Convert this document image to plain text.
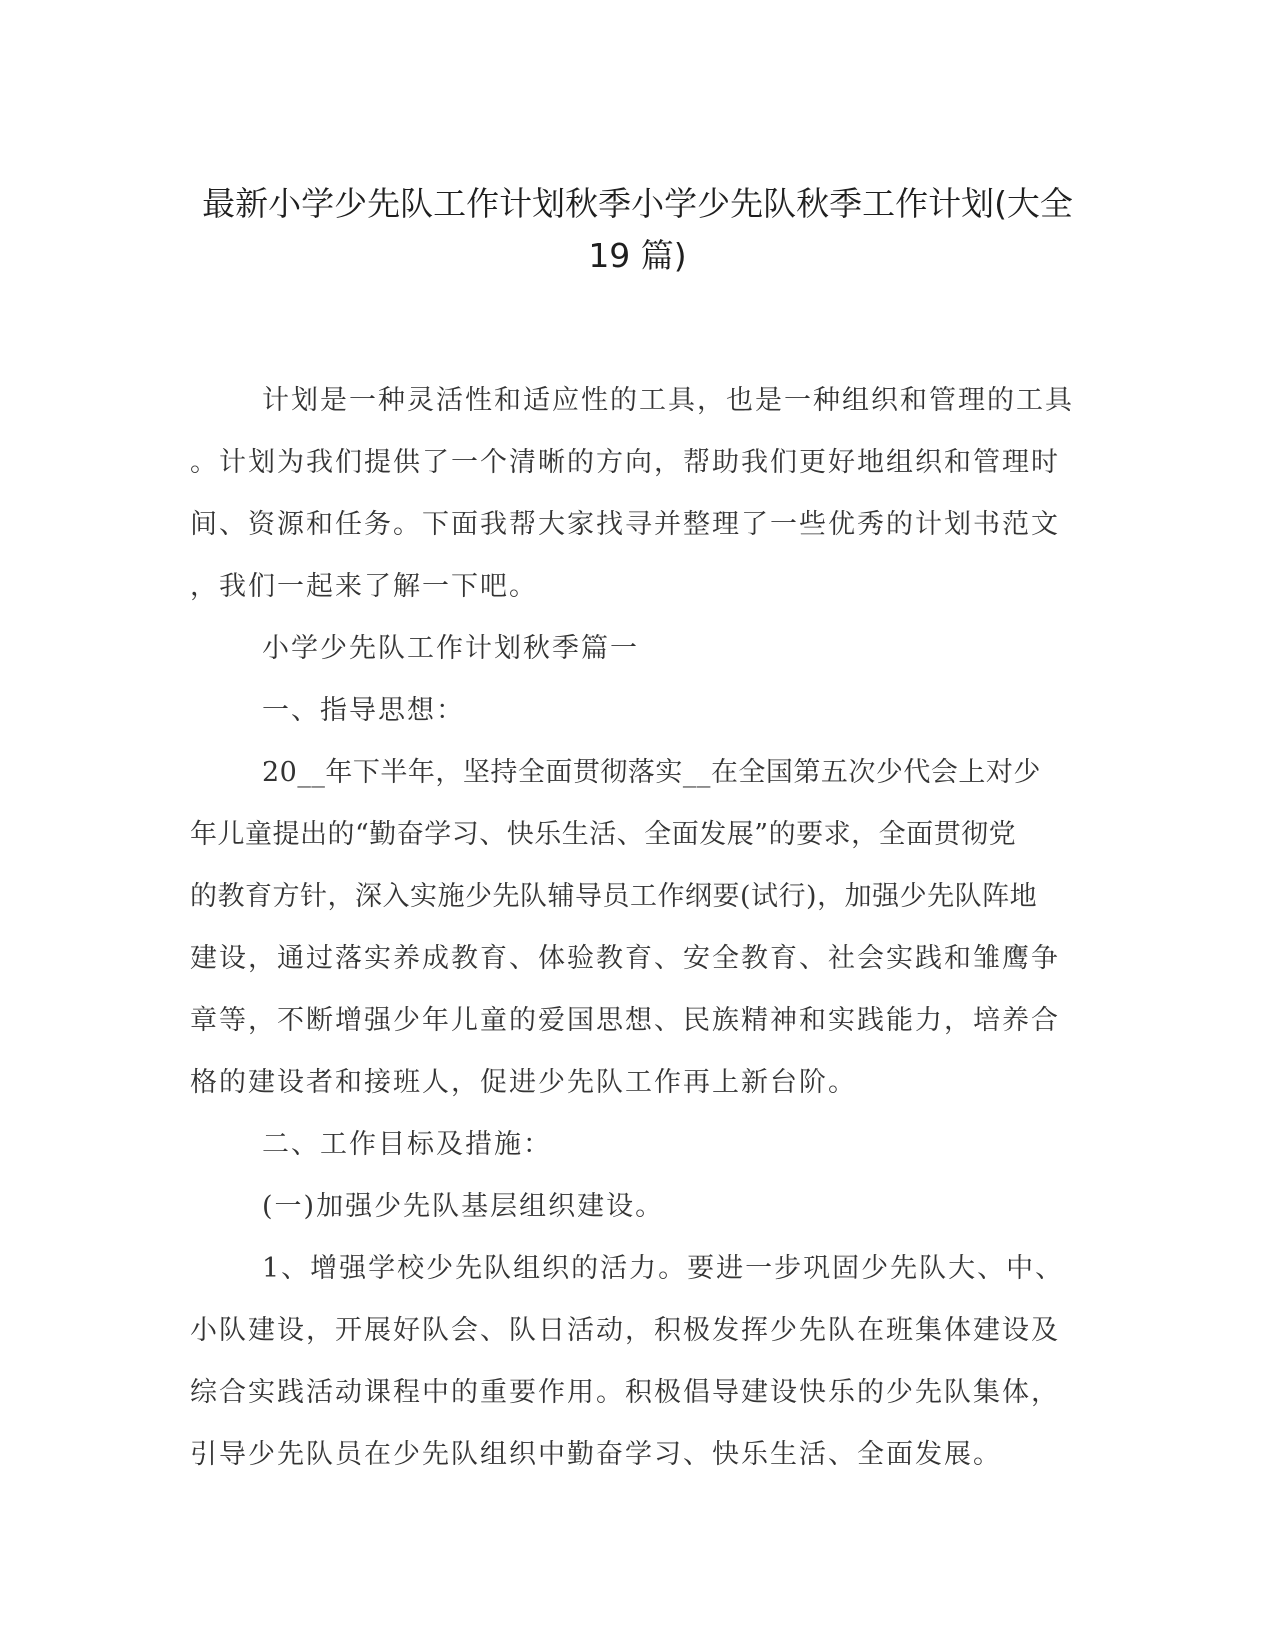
最新小学少先队工作计划秋季小学少先队秋季工作计划(大全
19 篇)
计划是一种灵活性和适应性的工具，也是一种组织和管理的工具
。计划为我们提供了一个清晰的方向，帮助我们更好地组织和管理时
间、资源和任务。下面我帮大家找寻并整理了一些优秀的计划书范文
，我们一起来了解一下吧。
小学少先队工作计划秋季篇一
一、指导思想：
20__年下半年，坚持全面贯彻落实__在全国第五次少代会上对少
年儿童提出的“勤奋学习、快乐生活、全面发展”的要求，全面贯彻党
的教育方针，深入实施少先队辅导员工作纲要(试行)，加强少先队阵地
建设，通过落实养成教育、体验教育、安全教育、社会实践和雏鹰争
章等，不断增强少年儿童的爱国思想、民族精神和实践能力，培养合
格的建设者和接班人，促进少先队工作再上新台阶。
二、工作目标及措施：
(一)加强少先队基层组织建设。
1、增强学校少先队组织的活力。要进一步巩固少先队大、中、
小队建设，开展好队会、队日活动，积极发挥少先队在班集体建设及
综合实践活动课程中的重要作用。积极倡导建设快乐的少先队集体，
引导少先队员在少先队组织中勤奋学习、快乐生活、全面发展。
